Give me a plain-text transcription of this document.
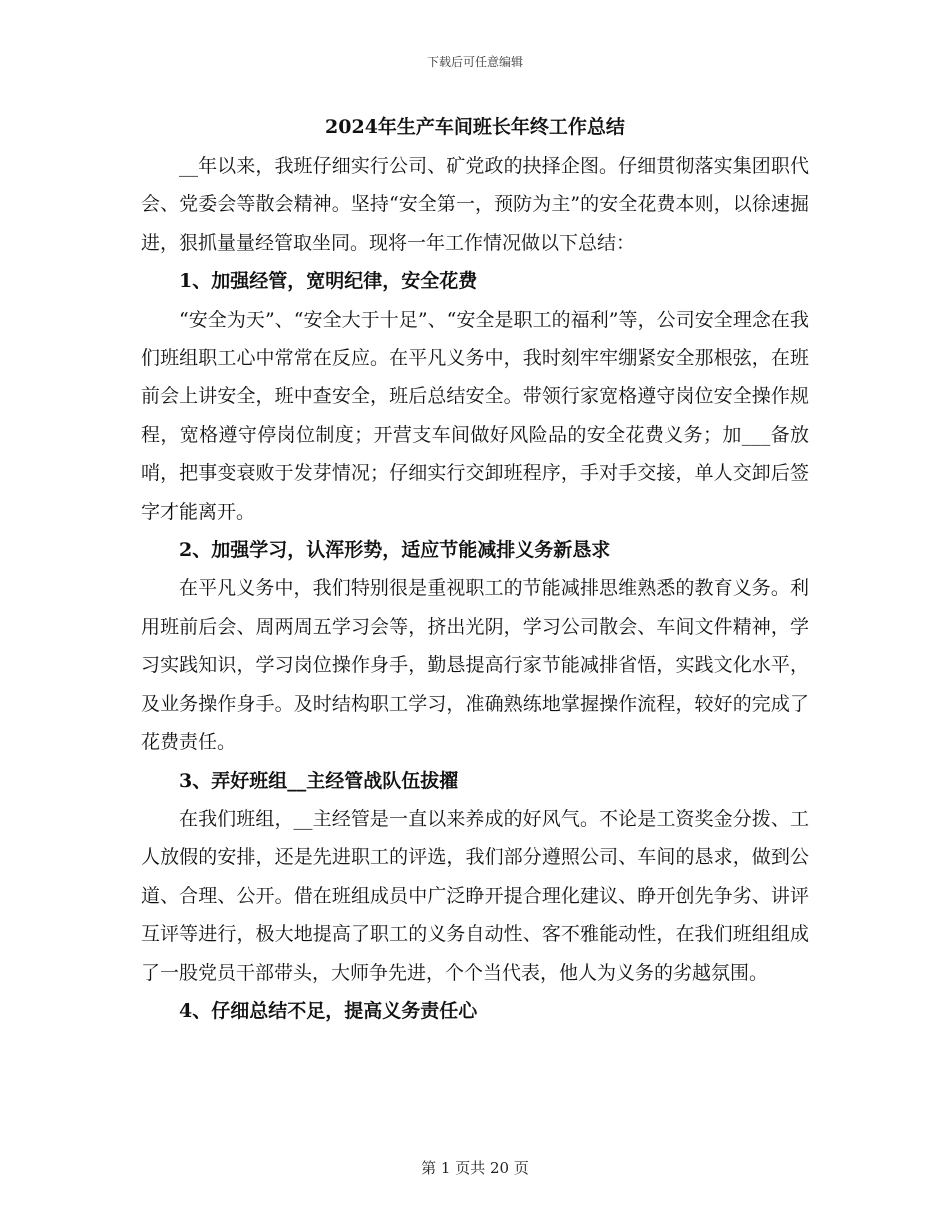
下载后可任意编辑
2024年生产车间班长年终工作总结

__年以来，我班仔细实行公司、矿党政的抉择企图。仔细贯彻落实集团职代会、党委会等散会精神。坚持“安全第一，预防为主”的安全花费本则，以徐速掘进，狠抓量量经管取坐同。现将一年工作情况做以下总结：

1、加强经管，宽明纪律，安全花费

“安全为天”、“安全大于十足”、“安全是职工的福利”等，公司安全理念在我们班组职工心中常常在反应。在平凡义务中，我时刻牢牢绷紧安全那根弦，在班前会上讲安全，班中查安全，班后总结安全。带领行家宽格遵守岗位安全操作规程，宽格遵守停岗位制度；开营支车间做好风险品的安全花费义务；加___备放哨，把事变衰败于发芽情况；仔细实行交卸班程序，手对手交接，单人交卸后签字才能离开。

2、加强学习，认浑形势，适应节能减排义务新恳求

在平凡义务中，我们特别很是重视职工的节能减排思维熟悉的教育义务。利用班前后会、周两周五学习会等，挤出光阴，学习公司散会、车间文件精神，学习实践知识，学习岗位操作身手，勤恳提高行家节能减排省悟，实践文化水平，及业务操作身手。及时结构职工学习，准确熟练地掌握操作流程，较好的完成了花费责任。

3、弄好班组__主经管战队伍拔擢

在我们班组，__主经管是一直以来养成的好风气。不论是工资奖金分拨、工人放假的安排，还是先进职工的评选，我们部分遵照公司、车间的恳求，做到公道、合理、公开。借在班组成员中广泛睁开提合理化建议、睁开创先争劣、讲评互评等进行，极大地提高了职工的义务自动性、客不雅能动性，在我们班组组成了一股党员干部带头，大师争先进，个个当代表，他人为义务的劣越氛围。

4、仔细总结不足，提高义务责任心

第 1 页共 20 页
